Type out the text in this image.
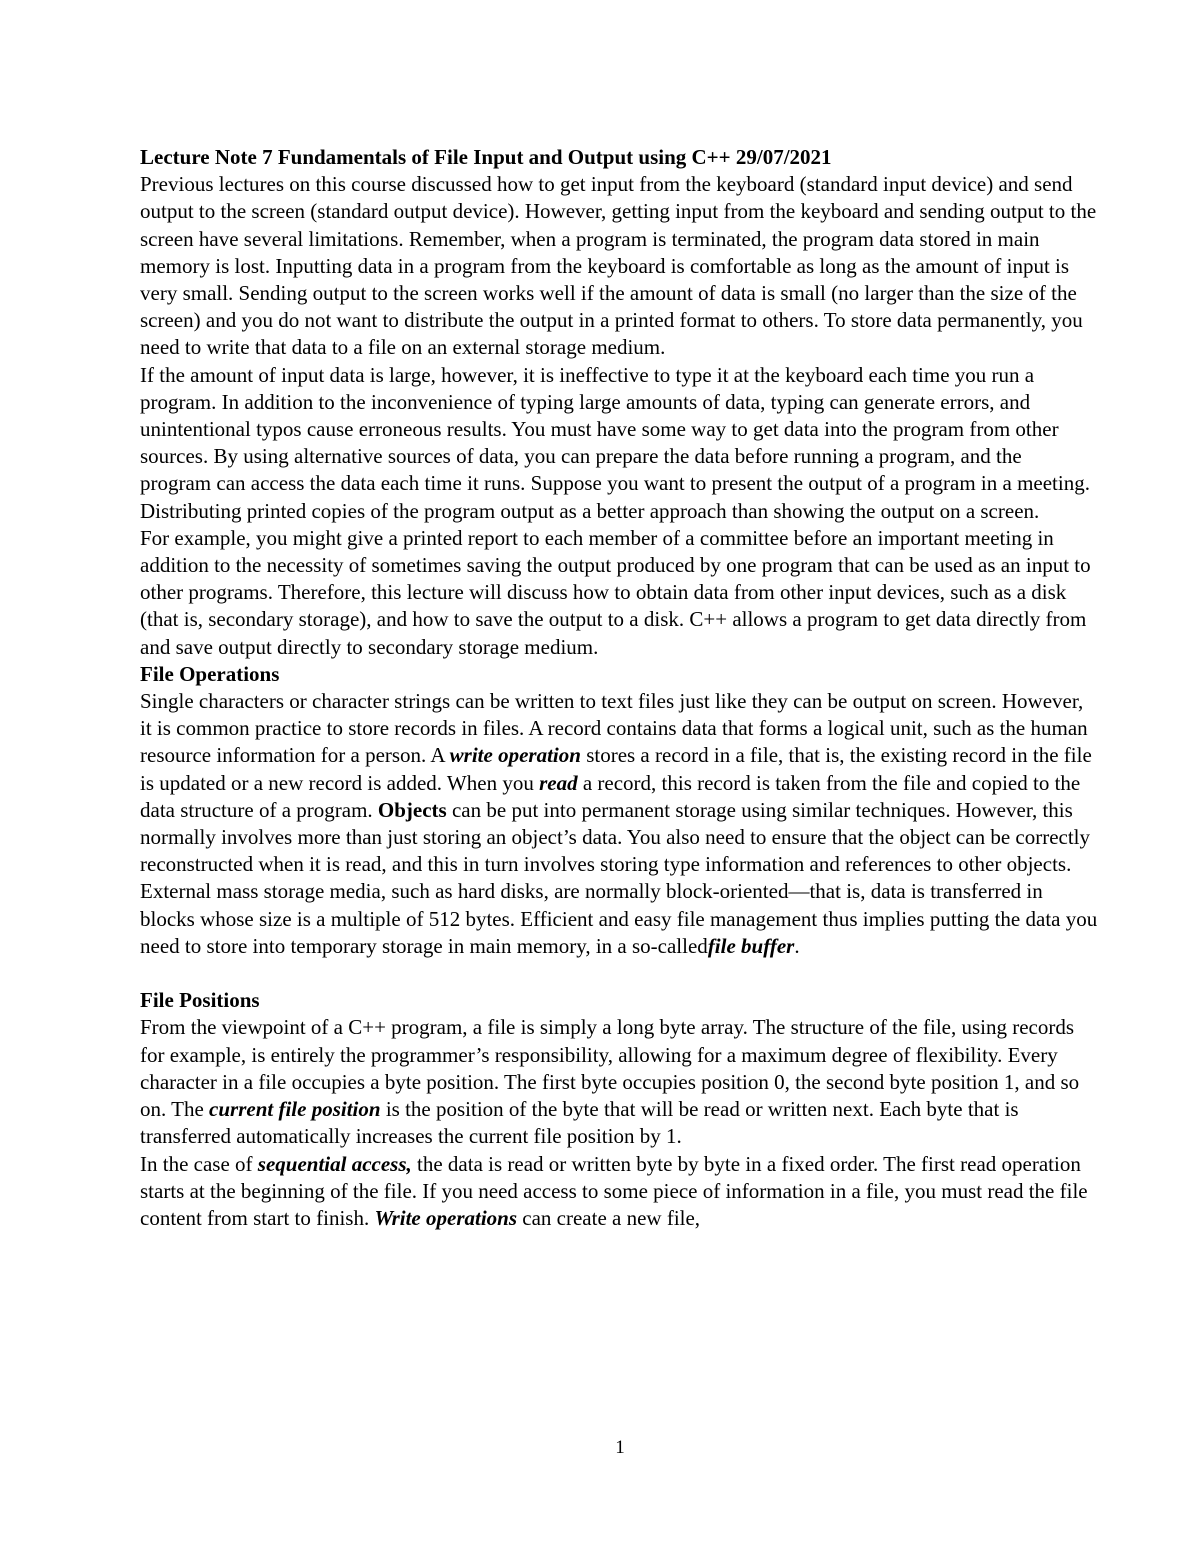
Lecture Note 7 Fundamentals of File Input and Output using C++ 29/07/2021

Previous lectures on this course discussed how to get input from the keyboard (standard input device) and send output to the screen (standard output device). However, getting input from the keyboard and sending output to the screen have several limitations. Remember, when a program is terminated, the program data stored in main memory is lost. Inputting data in a program from the keyboard is comfortable as long as the amount of input is very small. Sending output to the screen works well if the amount of data is small (no larger than the size of the screen) and you do not want to distribute the output in a printed format to others. To store data permanently, you need to write that data to a file on an external storage medium.

If the amount of input data is large, however, it is ineffective to type it at the keyboard each time you run a program. In addition to the inconvenience of typing large amounts of data, typing can generate errors, and unintentional typos cause erroneous results. You must have some way to get data into the program from other sources. By using alternative sources of data, you can prepare the data before running a program, and the program can access the data each time it runs. Suppose you want to present the output of a program in a meeting. Distributing printed copies of the program output as a better approach than showing the output on a screen.

For example, you might give a printed report to each member of a committee before an important meeting in addition to the necessity of sometimes saving the output produced by one program that can be used as an input to other programs. Therefore, this lecture will discuss how to obtain data from other input devices, such as a disk (that is, secondary storage), and how to save the output to a disk. C++ allows a program to get data directly from and save output directly to secondary storage medium.

File Operations

Single characters or character strings can be written to text files just like they can be output on screen. However, it is common practice to store records in files. A record contains data that forms a logical unit, such as the human resource information for a person. A write operation stores a record in a file, that is, the existing record in the file is updated or a new record is added. When you read a record, this record is taken from the file and copied to the data structure of a program. Objects can be put into permanent storage using similar techniques. However, this normally involves more than just storing an object’s data. You also need to ensure that the object can be correctly reconstructed when it is read, and this in turn involves storing type information and references to other objects.

External mass storage media, such as hard disks, are normally block-oriented—that is, data is transferred in blocks whose size is a multiple of 512 bytes. Efficient and easy file management thus implies putting the data you need to store into temporary storage in main memory, in a so-calledfile buffer.

File Positions

From the viewpoint of a C++ program, a file is simply a long byte array. The structure of the file, using records for example, is entirely the programmer’s responsibility, allowing for a maximum degree of flexibility. Every character in a file occupies a byte position. The first byte occupies position 0, the second byte position 1, and so on. The current file position is the position of the byte that will be read or written next. Each byte that is transferred automatically increases the current file position by 1.

In the case of sequential access, the data is read or written byte by byte in a fixed order. The first read operation starts at the beginning of the file. If you need access to some piece of information in a file, you must read the file content from start to finish. Write operations can create a new file,

1
